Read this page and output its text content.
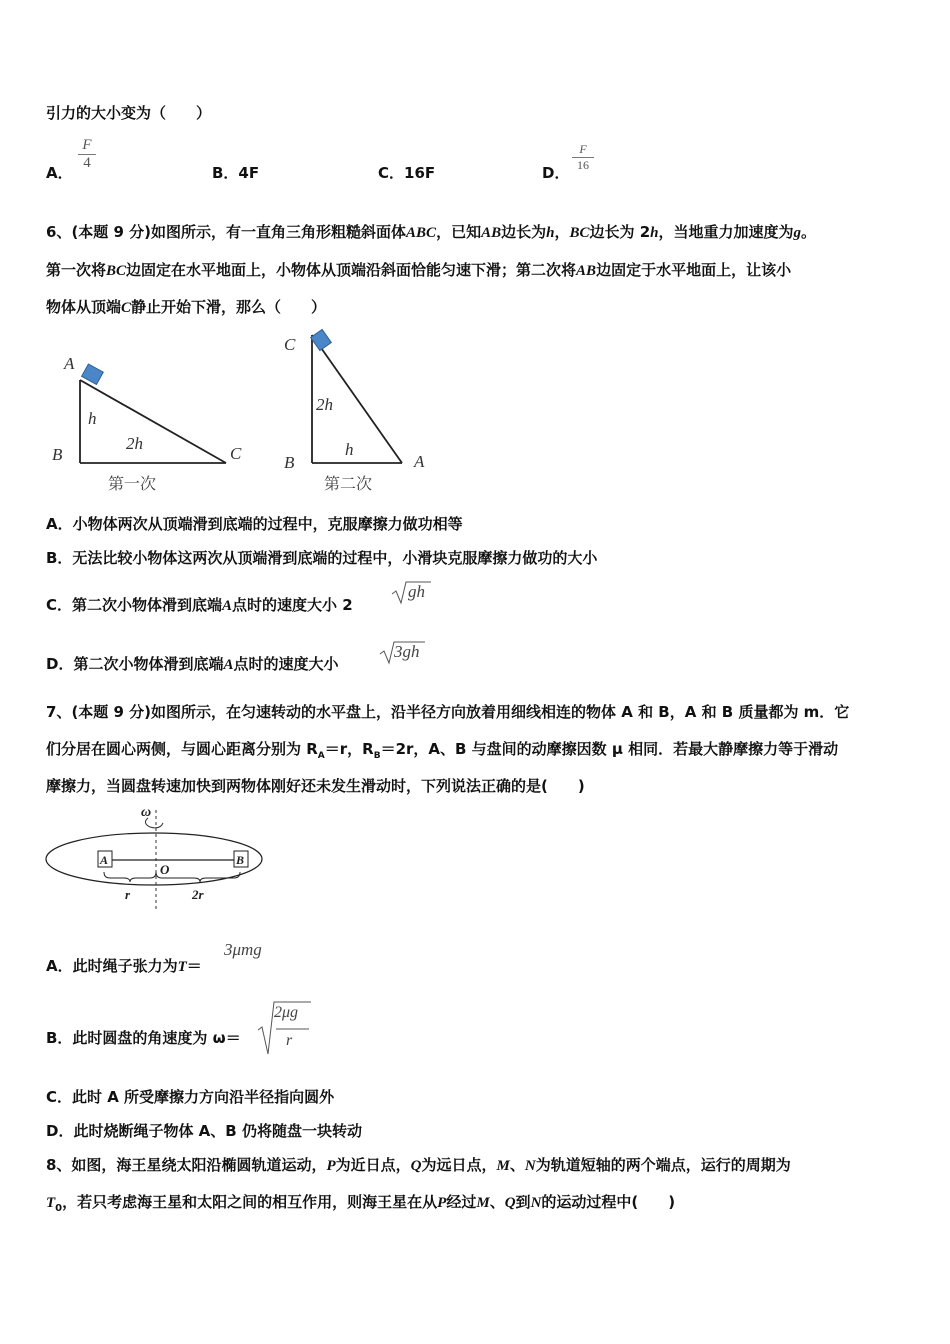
引力的大小变为（　　）
A．
$\frac{F}{4}$
B．4F	C．16F	D． $\frac{F}{16}$
6、(本题 9 分)如图所示，有一直角三角形粗糙斜面体ABC，已知AB边长为h，BC边长为 2h，当地重力加速度为g。
第一次将BC边固定在水平地面上，小物体从顶端沿斜面恰能匀速下滑；第二次将AB边固定于水平地面上，让该小
物体从顶端C静止开始下滑，那么（　　）
A
B	C
h
2h
第一次
C
B	A
2h
h
第二次
A．小物体两次从顶端滑到底端的过程中，克服摩擦力做功相等
B．无法比较小物体这两次从顶端滑到底端的过程中，小滑块克服摩擦力做功的大小
C．第二次小物体滑到底端A点时的速度大小 2
gh
D．第二次小物体滑到底端A点时的速度大小
3gh
7、(本题 9 分)如图所示，在匀速转动的水平盘上，沿半径方向放着用细线相连的物体 A 和 B，A 和 B 质量都为 m．它
们分居在圆心两侧，与圆心距离分别为 $R_A=r$，$R_B=2r$，A、B 与盘间的动摩擦因数 μ 相同．若最大静摩擦力等于滑动
摩擦力，当圆盘转速加快到两物体刚好还未发生滑动时，下列说法正确的是(　　)
ω
A	B
O
r	2r
A．此时绳子张力为T＝
3μmg
B．此时圆盘的角速度为 ω＝
2μg
r
C．此时 A 所受摩擦力方向沿半径指向圆外
D．此时烧断绳子物体 A、B 仍将随盘一块转动
8、如图，海王星绕太阳沿椭圆轨道运动，P为近日点，Q为远日点，M、N为轨道短轴的两个端点，运行的周期为
$T_0$，若只考虑海王星和太阳之间的相互作用，则海王星在从P经过M、Q到N的运动过程中(　　)
